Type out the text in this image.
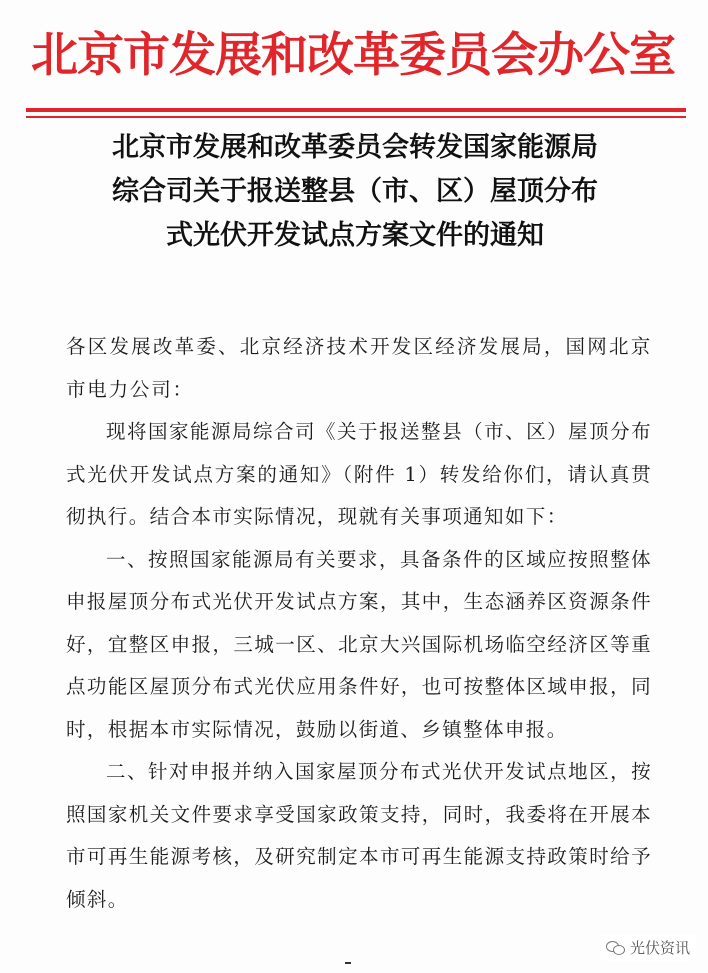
北京市发展和改革委员会办公室
北京市发展和改革委员会转发国家能源局
综合司关于报送整县（市、区）屋顶分布
式光伏开发试点方案文件的通知

各区发展改革委、北京经济技术开发区经济发展局，国网北京市电力公司：

现将国家能源局综合司《关于报送整县（市、区）屋顶分布式光伏开发试点方案的通知》（附件 1）转发给你们，请认真贯彻执行。结合本市实际情况，现就有关事项通知如下：

一、按照国家能源局有关要求，具备条件的区域应按照整体申报屋顶分布式光伏开发试点方案，其中，生态涵养区资源条件好，宜整区申报，三城一区、北京大兴国际机场临空经济区等重点功能区屋顶分布式光伏应用条件好，也可按整体区域申报，同时，根据本市实际情况，鼓励以街道、乡镇整体申报。

二、针对申报并纳入国家屋顶分布式光伏开发试点地区，按照国家机关文件要求享受国家政策支持，同时，我委将在开展本市可再生能源考核，及研究制定本市可再生能源支持政策时给予倾斜。

光伏资讯
